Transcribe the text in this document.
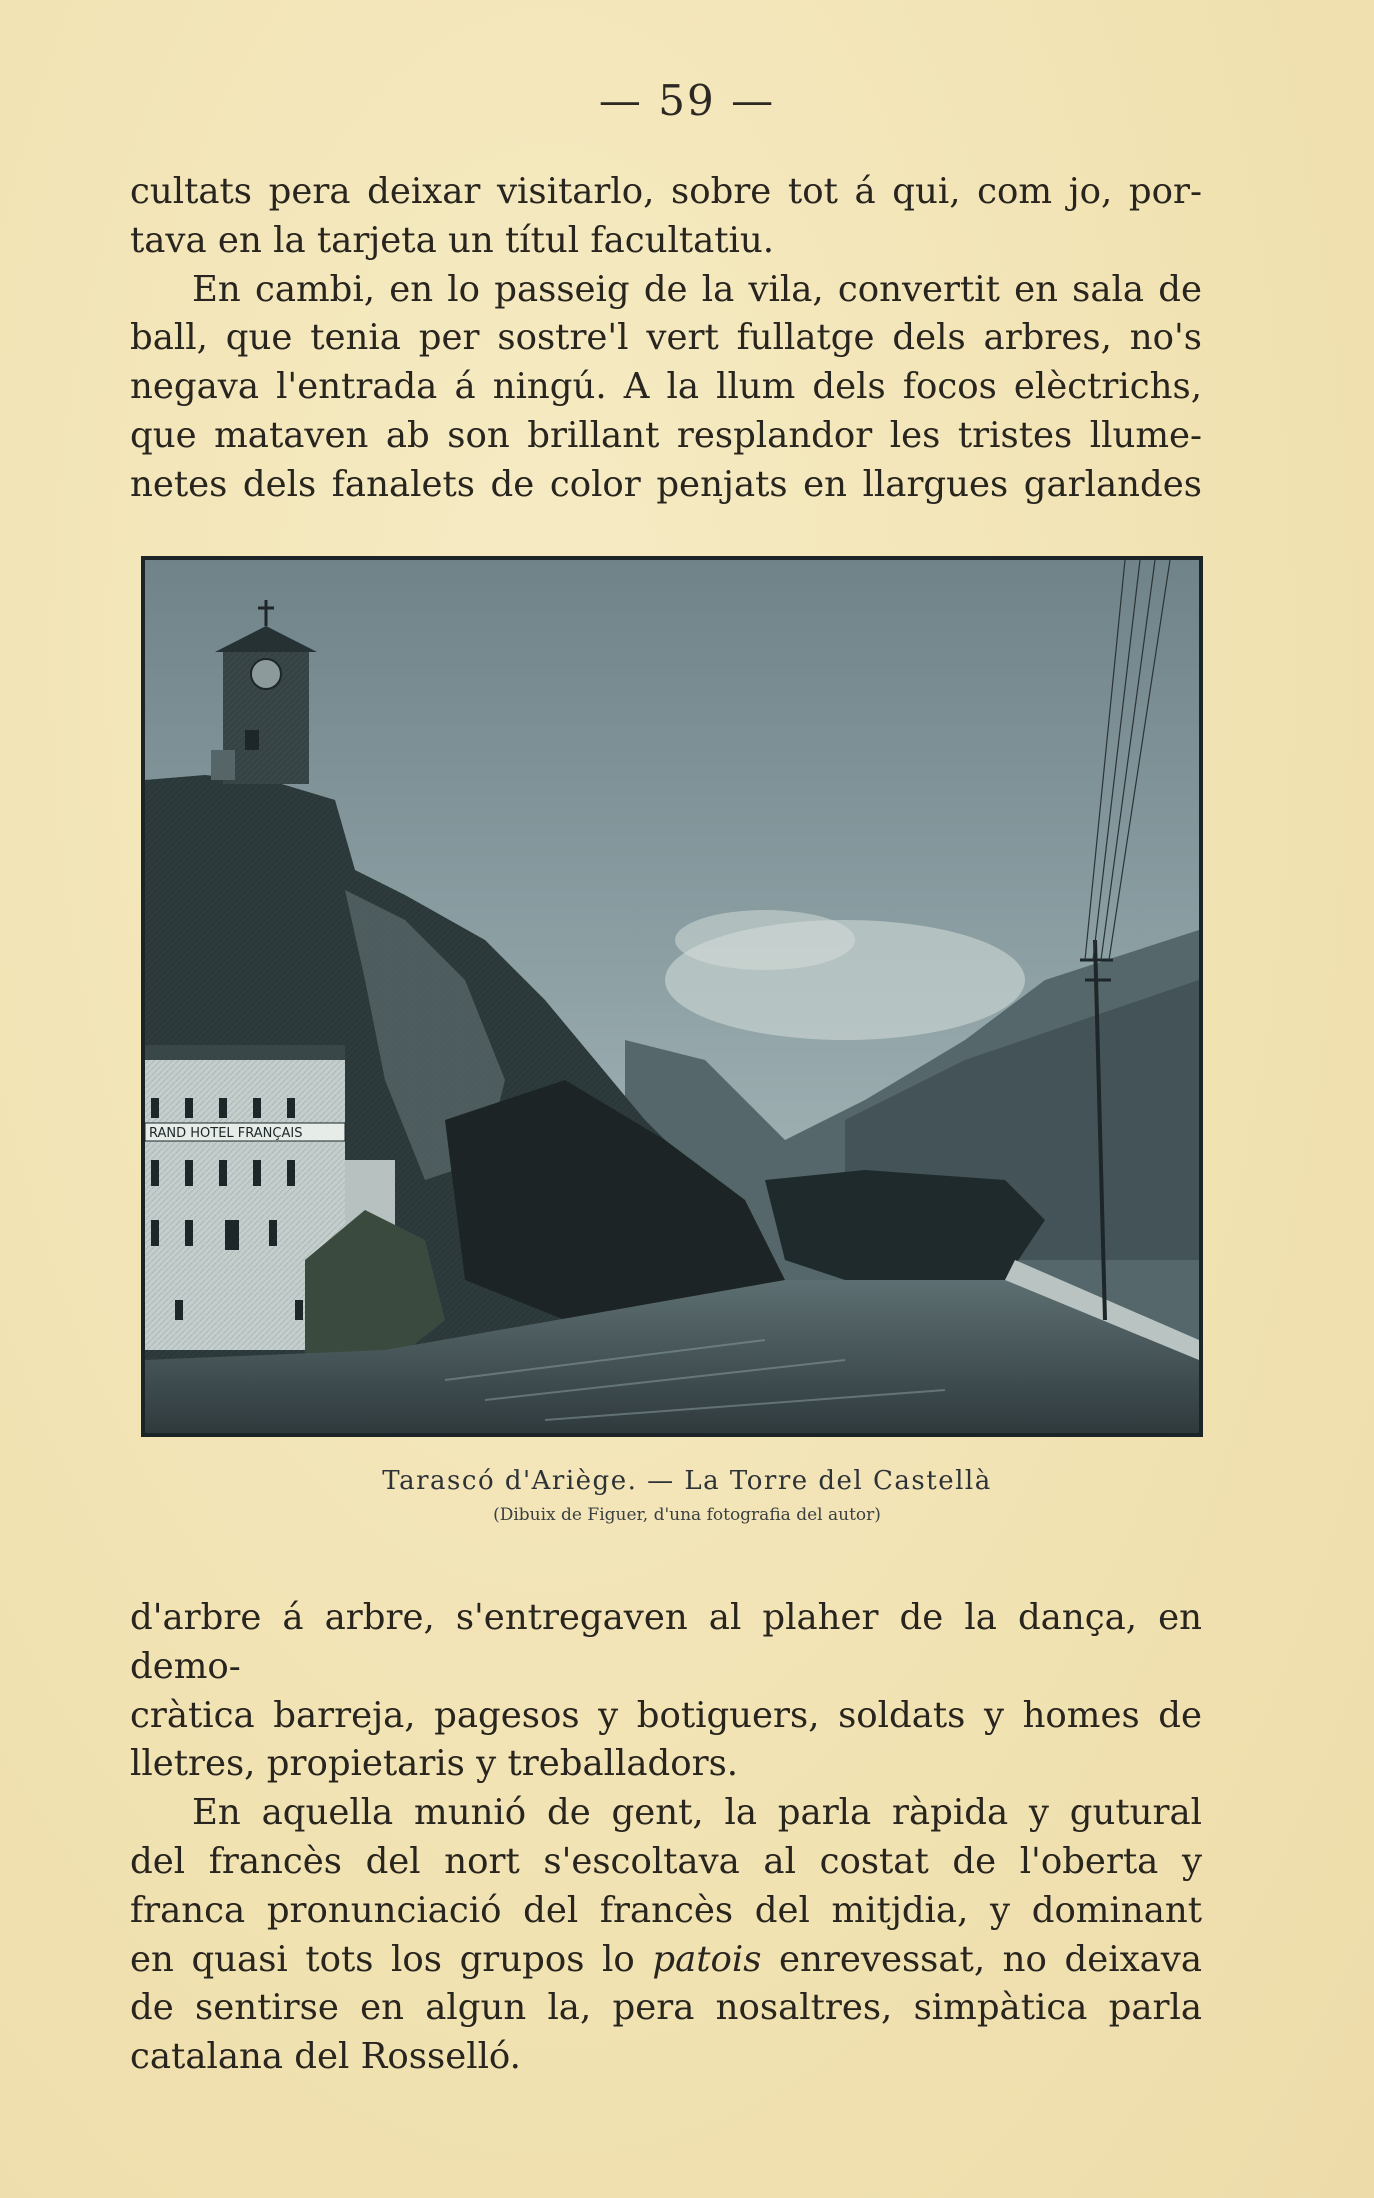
— 59 —

cultats pera deixar visitarlo, sobre tot á qui, com jo, por-

tava en la tarjeta un títul facultatiu.

En cambi, en lo passeig de la vila, convertit en sala de

ball, que tenia per sostre'l vert fullatge dels arbres, no's

negava l'entrada á ningú. A la llum dels focos elèctrichs,

que mataven ab son brillant resplandor les tristes llume-

netes dels fanalets de color penjats en llargues garlandes

RAND HOTEL FRANÇAIS
Tarascó d'Ariège. — La Torre del Castellà
(Dibuix de Figuer, d'una fotografia del autor)

d'arbre á arbre, s'entregaven al plaher de la dança, en demo-

cràtica barreja, pagesos y botiguers, soldats y homes de

lletres, propietaris y treballadors.

En aquella munió de gent, la parla ràpida y gutural

del francès del nort s'escoltava al costat de l'oberta y

franca pronunciació del francès del mitjdia, y dominant

en quasi tots los grupos lo patois enrevessat, no deixava

de sentirse en algun la, pera nosaltres, simpàtica parla

catalana del Rosselló.
